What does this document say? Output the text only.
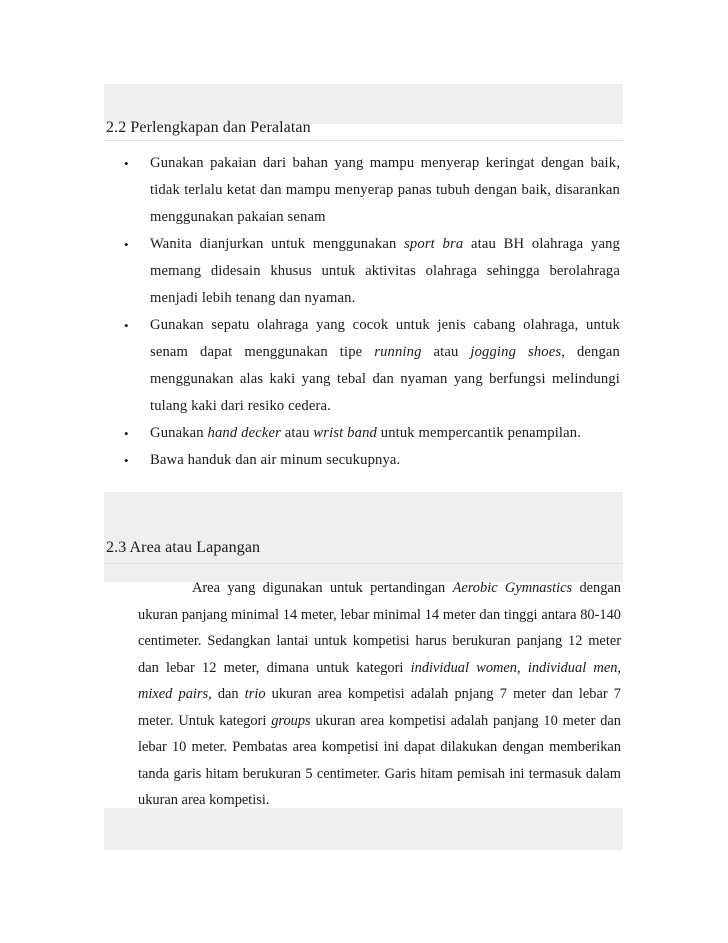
2.2 Perlengkapan dan Peralatan
• Gunakan pakaian dari bahan yang mampu menyerap keringat dengan baik, tidak terlalu ketat dan mampu menyerap panas tubuh dengan baik, disarankan menggunakan pakaian senam
• Wanita dianjurkan untuk menggunakan sport bra atau BH olahraga yang memang didesain khusus untuk aktivitas olahraga sehingga berolahraga menjadi lebih tenang dan nyaman.
• Gunakan sepatu olahraga yang cocok untuk jenis cabang olahraga, untuk senam dapat menggunakan tipe running atau jogging shoes, dengan menggunakan alas kaki yang tebal dan nyaman yang berfungsi melindungi tulang kaki dari resiko cedera.
• Gunakan hand decker atau wrist band untuk mempercantik penampilan.
• Bawa handuk dan air minum secukupnya.
2.3 Area atau Lapangan

Area yang digunakan untuk pertandingan Aerobic Gymnastics dengan ukuran panjang minimal 14 meter, lebar minimal 14 meter dan tinggi antara 80-140 centimeter. Sedangkan lantai untuk kompetisi harus berukuran panjang 12 meter dan lebar 12 meter, dimana untuk kategori individual women, individual men, mixed pairs, dan trio ukuran area kompetisi adalah pnjang 7 meter dan lebar 7 meter. Untuk kategori groups ukuran area kompetisi adalah panjang 10 meter dan lebar 10 meter. Pembatas area kompetisi ini dapat dilakukan dengan memberikan tanda garis hitam berukuran 5 centimeter. Garis hitam pemisah ini termasuk dalam ukuran area kompetisi.
